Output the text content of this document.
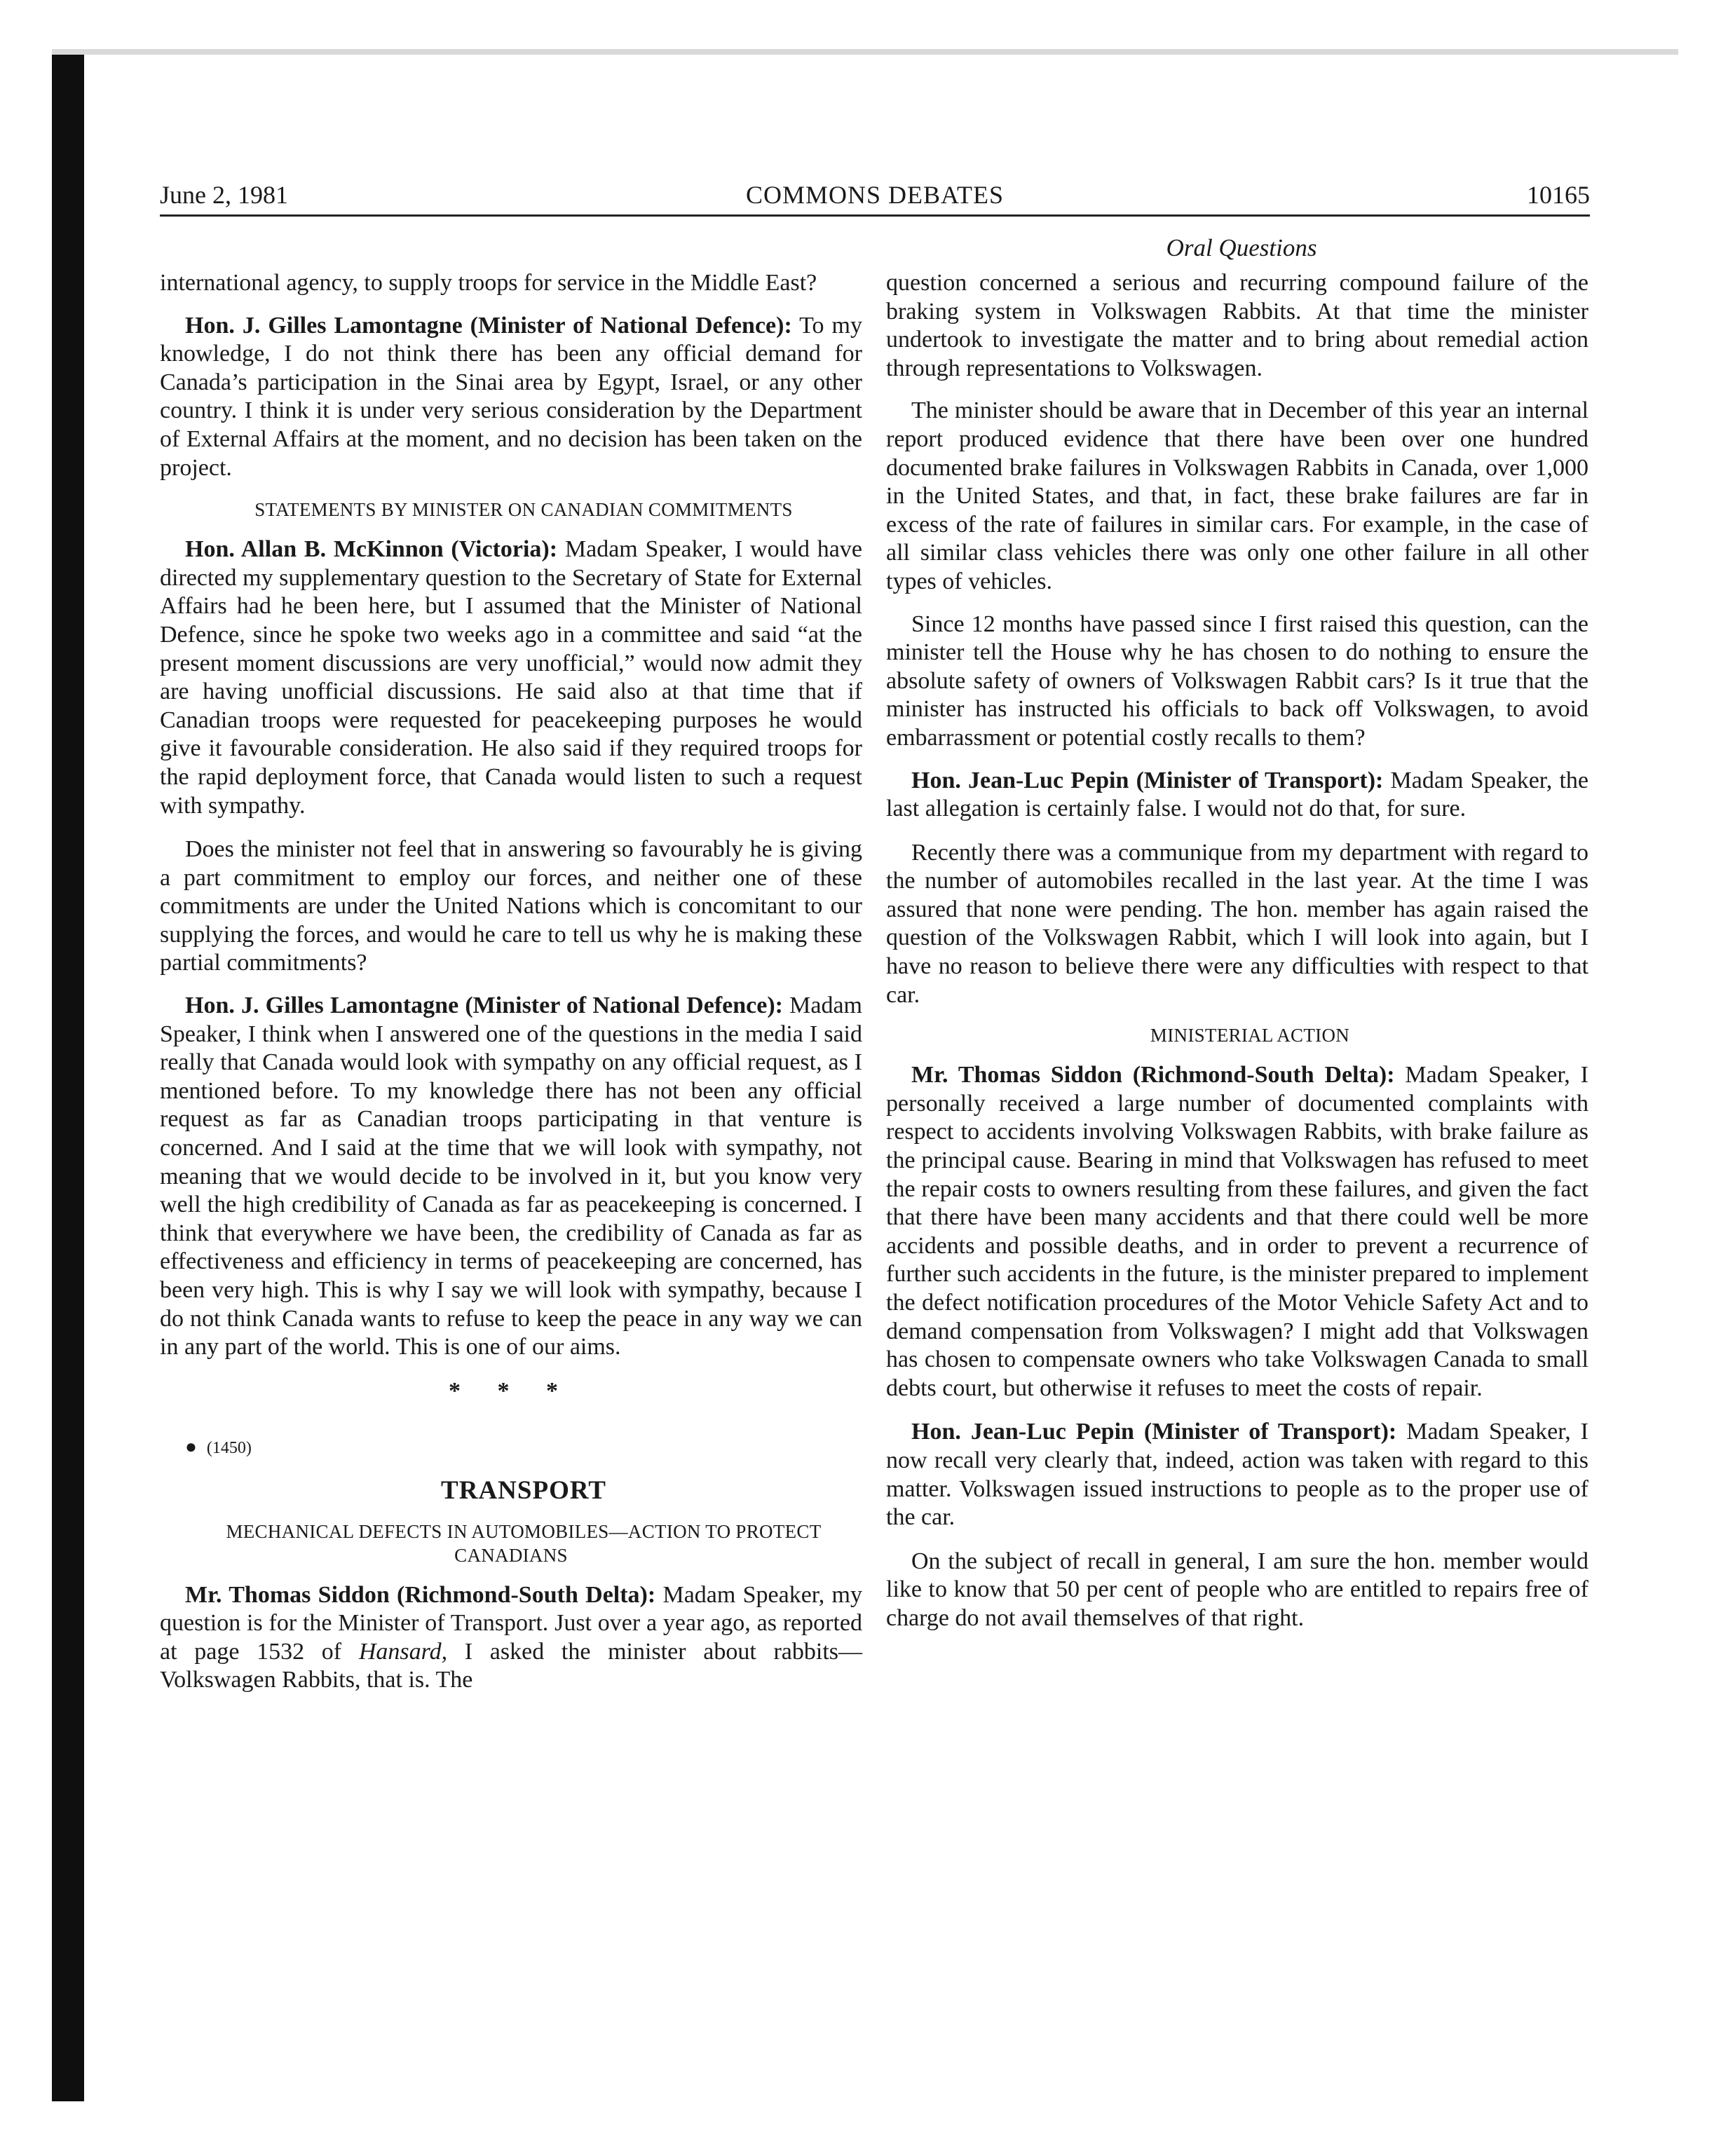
June 2, 1981	COMMONS DEBATES	10165
Oral Questions

international agency, to supply troops for service in the Middle East?

Hon. J. Gilles Lamontagne (Minister of National Defence): To my knowledge, I do not think there has been any official demand for Canada’s participation in the Sinai area by Egypt, Israel, or any other country. I think it is under very serious consideration by the Department of External Affairs at the moment, and no decision has been taken on the project.

STATEMENTS BY MINISTER ON CANADIAN COMMITMENTS

Hon. Allan B. McKinnon (Victoria): Madam Speaker, I would have directed my supplementary question to the Secretary of State for External Affairs had he been here, but I assumed that the Minister of National Defence, since he spoke two weeks ago in a committee and said “at the present moment discussions are very unofficial,” would now admit they are having unofficial discussions. He said also at that time that if Canadian troops were requested for peacekeeping purposes he would give it favourable consideration. He also said if they required troops for the rapid deployment force, that Canada would listen to such a request with sympathy.

Does the minister not feel that in answering so favourably he is giving a part commitment to employ our forces, and neither one of these commitments are under the United Nations which is concomitant to our supplying the forces, and would he care to tell us why he is making these partial commitments?

Hon. J. Gilles Lamontagne (Minister of National Defence): Madam Speaker, I think when I answered one of the questions in the media I said really that Canada would look with sympathy on any official request, as I mentioned before. To my knowledge there has not been any official request as far as Canadian troops participating in that venture is concerned. And I said at the time that we will look with sympathy, not meaning that we would decide to be involved in it, but you know very well the high credibility of Canada as far as peacekeeping is concerned. I think that everywhere we have been, the credibility of Canada as far as effectiveness and efficiency in terms of peacekeeping are concerned, has been very high. This is why I say we will look with sympathy, because I do not think Canada wants to refuse to keep the peace in any way we can in any part of the world. This is one of our aims.

* * *

● (1450)

TRANSPORT

MECHANICAL DEFECTS IN AUTOMOBILES—ACTION TO PROTECT CANADIANS

Mr. Thomas Siddon (Richmond-South Delta): Madam Speaker, my question is for the Minister of Transport. Just over a year ago, as reported at page 1532 of Hansard, I asked the minister about rabbits—Volkswagen Rabbits, that is. The

question concerned a serious and recurring compound failure of the braking system in Volkswagen Rabbits. At that time the minister undertook to investigate the matter and to bring about remedial action through representations to Volkswagen.

The minister should be aware that in December of this year an internal report produced evidence that there have been over one hundred documented brake failures in Volkswagen Rabbits in Canada, over 1,000 in the United States, and that, in fact, these brake failures are far in excess of the rate of failures in similar cars. For example, in the case of all similar class vehicles there was only one other failure in all other types of vehicles.

Since 12 months have passed since I first raised this question, can the minister tell the House why he has chosen to do nothing to ensure the absolute safety of owners of Volkswagen Rabbit cars? Is it true that the minister has instructed his officials to back off Volkswagen, to avoid embarrassment or potential costly recalls to them?

Hon. Jean-Luc Pepin (Minister of Transport): Madam Speaker, the last allegation is certainly false. I would not do that, for sure.

Recently there was a communique from my department with regard to the number of automobiles recalled in the last year. At the time I was assured that none were pending. The hon. member has again raised the question of the Volkswagen Rabbit, which I will look into again, but I have no reason to believe there were any difficulties with respect to that car.

MINISTERIAL ACTION

Mr. Thomas Siddon (Richmond-South Delta): Madam Speaker, I personally received a large number of documented complaints with respect to accidents involving Volkswagen Rabbits, with brake failure as the principal cause. Bearing in mind that Volkswagen has refused to meet the repair costs to owners resulting from these failures, and given the fact that there have been many accidents and that there could well be more accidents and possible deaths, and in order to prevent a recurrence of further such accidents in the future, is the minister prepared to implement the defect notification procedures of the Motor Vehicle Safety Act and to demand compensation from Volkswagen? I might add that Volkswagen has chosen to compensate owners who take Volkswagen Canada to small debts court, but otherwise it refuses to meet the costs of repair.

Hon. Jean-Luc Pepin (Minister of Transport): Madam Speaker, I now recall very clearly that, indeed, action was taken with regard to this matter. Volkswagen issued instructions to people as to the proper use of the car.

On the subject of recall in general, I am sure the hon. member would like to know that 50 per cent of people who are entitled to repairs free of charge do not avail themselves of that right.
